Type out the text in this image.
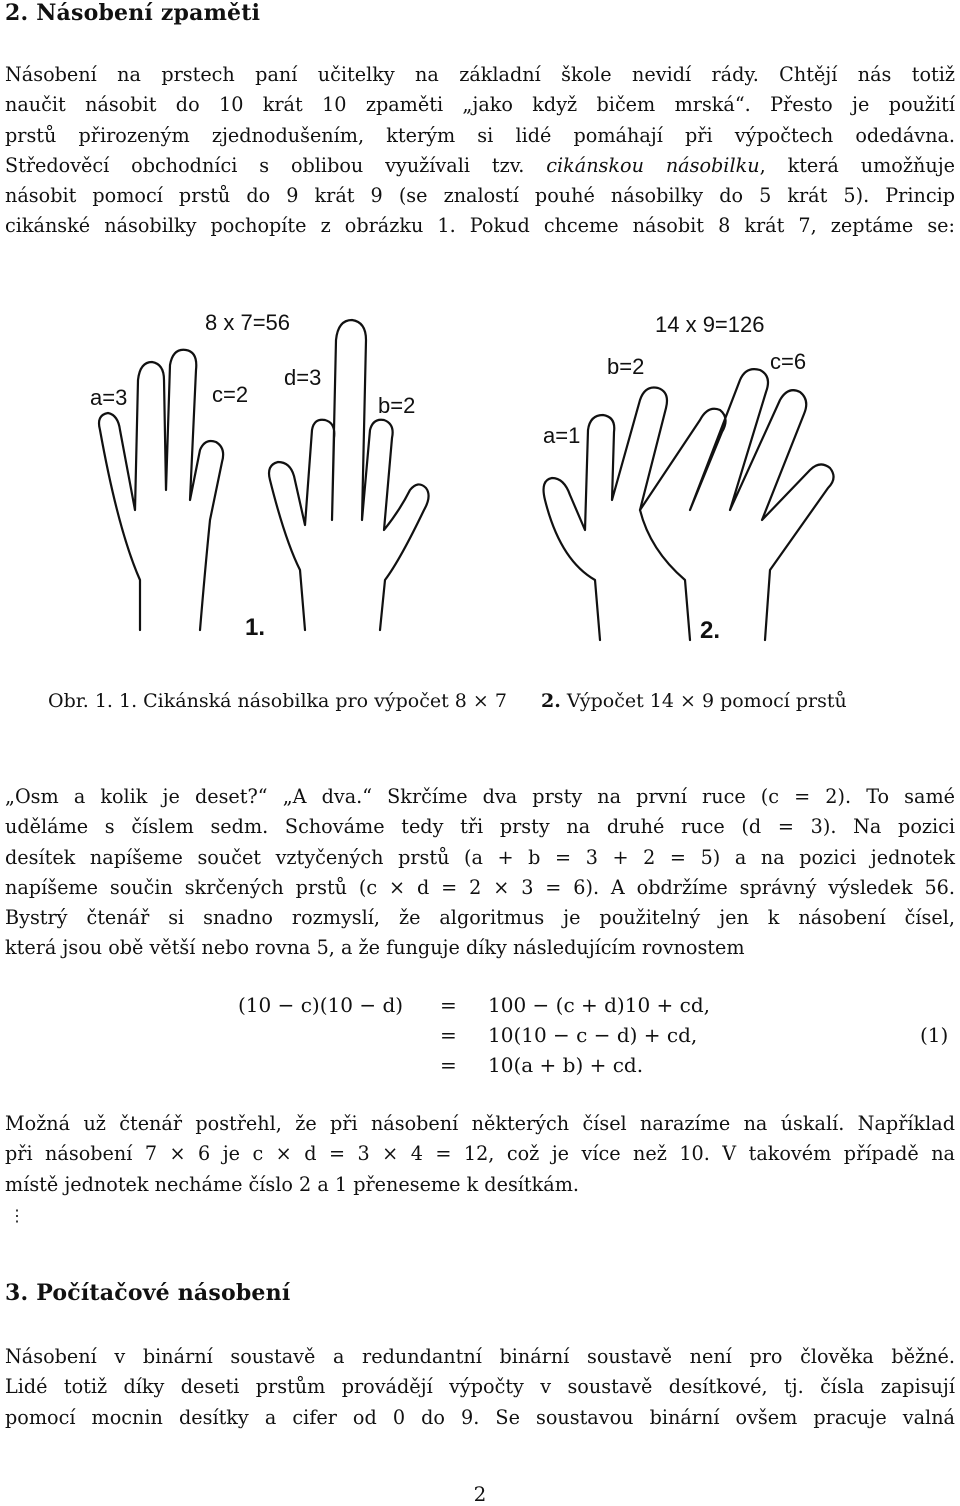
2. Násobení zpaměti
Násobení na prstech paní učitelky na základní škole nevidí rády. Chtějí nás totiž
naučit násobit do 10 krát 10 zpaměti „jako když bičem mrská“. Přesto je použití
prstů přirozeným zjednodušením, kterým si lidé pomáhají při výpočtech odedávna.
Středověcí obchodníci s oblibou využívali tzv. cikánskou násobilku, která umožňuje
násobit pomocí prstů do 9 krát 9 (se znalostí pouhé násobilky do 5 krát 5). Princip
cikánské násobilky pochopíte z obrázku 1. Pokud chceme násobit 8 krát 7, zeptáme se:
8 x 7=56
a=3	c=2
d=3
b=2
1.
14 x 9=126
b=2	c=6
a=1
2.
Obr. 1. 1. Cikánská násobilka pro výpočet 8 × 7 2. Výpočet 14 × 9 pomocí prstů
„Osm a kolik je deset?“ „A dva.“ Skrčíme dva prsty na první ruce (c = 2). To samé
uděláme s číslem sedm. Schováme tedy tři prsty na druhé ruce (d = 3). Na pozici
desítek napíšeme součet vztyčených prstů (a + b = 3 + 2 = 5) a na pozici jednotek
napíšeme součin skrčených prstů (c × d = 2 × 3 = 6). A obdržíme správný výsledek 56.
Bystrý čtenář si snadno rozmyslí, že algoritmus je použitelný jen k násobení čísel,
která jsou obě větší nebo rovna 5, a že funguje díky následujícím rovnostem
(10 − c)(10 − d) = 100 − (c + d)10 + cd,
= 10(10 − c − d) + cd,
= 10(a + b) + cd.
(1)
Možná už čtenář postřehl, že při násobení některých čísel narazíme na úskalí. Například
při násobení 7 × 6 je c × d = 3 × 4 = 12, což je více než 10. V takovém případě na
místě jednotek necháme číslo 2 a 1 přeneseme k desítkám.
⋮
3. Počítačové násobení
Násobení v binární soustavě a redundantní binární soustavě není pro člověka běžné.
Lidé totiž díky deseti prstům provádějí výpočty v soustavě desítkové, tj. čísla zapisují
pomocí mocnin desítky a cifer od 0 do 9. Se soustavou binární ovšem pracuje valná
2
